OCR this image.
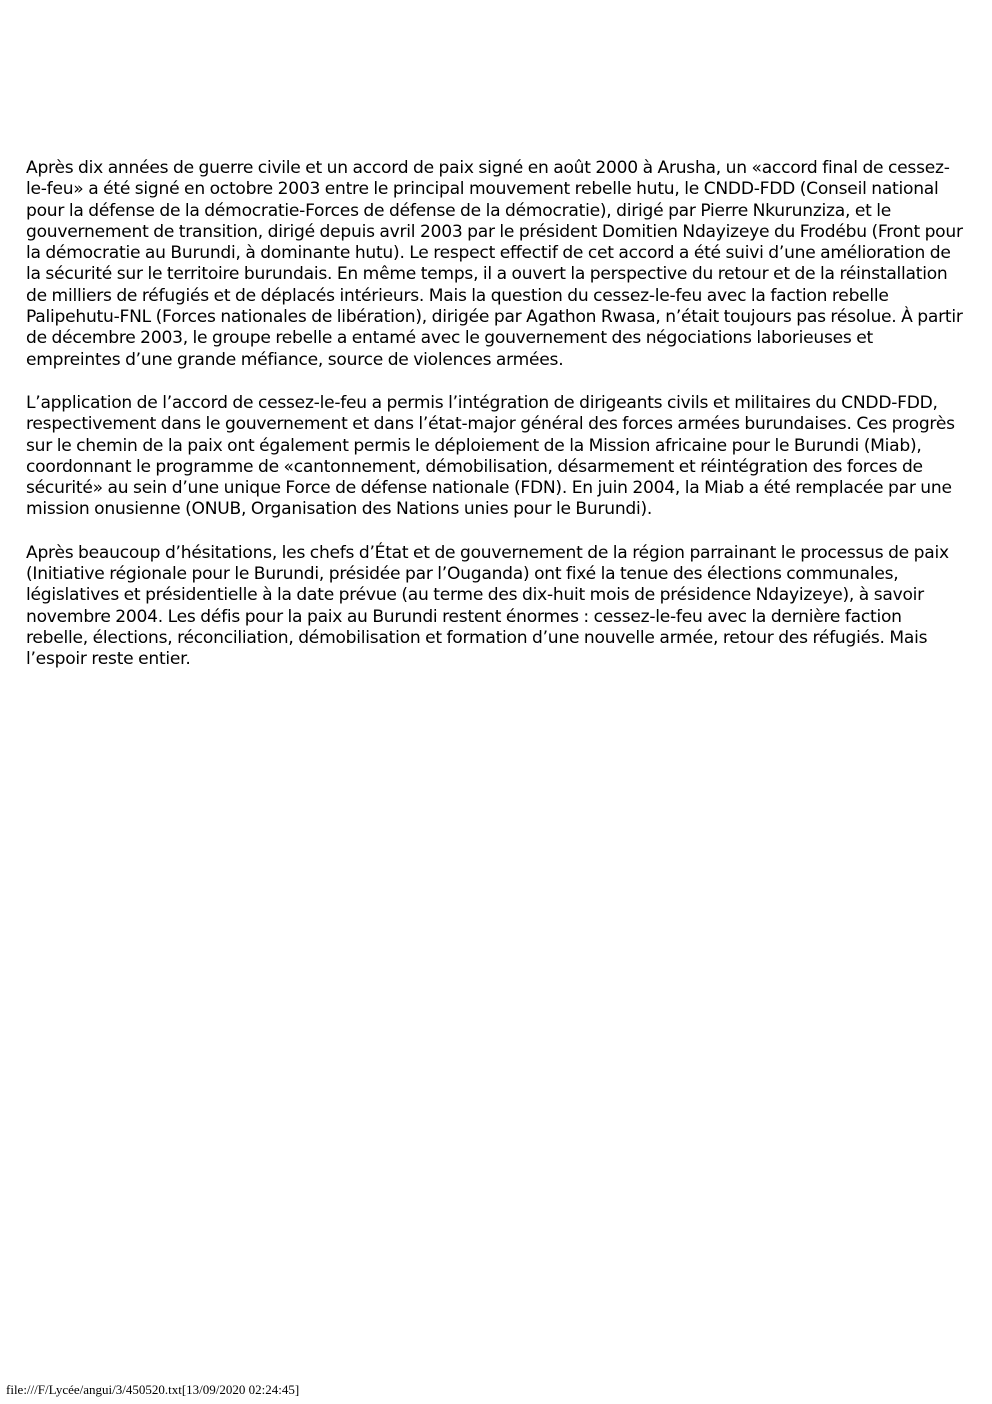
Après dix années de guerre civile et un accord de paix signé en août 2000 à Arusha, un «accord final de cessez-le-feu» a été signé en octobre 2003 entre le principal mouvement rebelle hutu, le CNDD-FDD (Conseil national pour la défense de la démocratie-Forces de défense de la démocratie), dirigé par Pierre Nkurunziza, et le gouvernement de transition, dirigé depuis avril 2003 par le président Domitien Ndayizeye du Frodébu (Front pour la démocratie au Burundi, à dominante hutu). Le respect effectif de cet accord a été suivi d’une amélioration de la sécurité sur le territoire burundais. En même temps, il a ouvert la perspective du retour et de la réinstallation de milliers de réfugiés et de déplacés intérieurs. Mais la question du cessez-le-feu avec la faction rebelle Palipehutu-FNL (Forces nationales de libération), dirigée par Agathon Rwasa, n’était toujours pas résolue. À partir de décembre 2003, le groupe rebelle a entamé avec le gouvernement des négociations laborieuses et empreintes d’une grande méfiance, source de violences armées.

L’application de l’accord de cessez-le-feu a permis l’intégration de dirigeants civils et militaires du CNDD-FDD, respectivement dans le gouvernement et dans l’état-major général des forces armées burundaises. Ces progrès sur le chemin de la paix ont également permis le déploiement de la Mission africaine pour le Burundi (Miab), coordonnant le programme de «cantonnement, démobilisation, désarmement et réintégration des forces de sécurité» au sein d’une unique Force de défense nationale (FDN). En juin 2004, la Miab a été remplacée par une mission onusienne (ONUB, Organisation des Nations unies pour le Burundi).

Après beaucoup d’hésitations, les chefs d’État et de gouvernement de la région parrainant le processus de paix (Initiative régionale pour le Burundi, présidée par l’Ouganda) ont fixé la tenue des élections communales, législatives et présidentielle à la date prévue (au terme des dix-huit mois de présidence Ndayizeye), à savoir novembre 2004. Les défis pour la paix au Burundi restent énormes : cessez-le-feu avec la dernière faction rebelle, élections, réconciliation, démobilisation et formation d’une nouvelle armée, retour des réfugiés. Mais l’espoir reste entier.

file:///F/Lycée/angui/3/450520.txt[13/09/2020 02:24:45]
